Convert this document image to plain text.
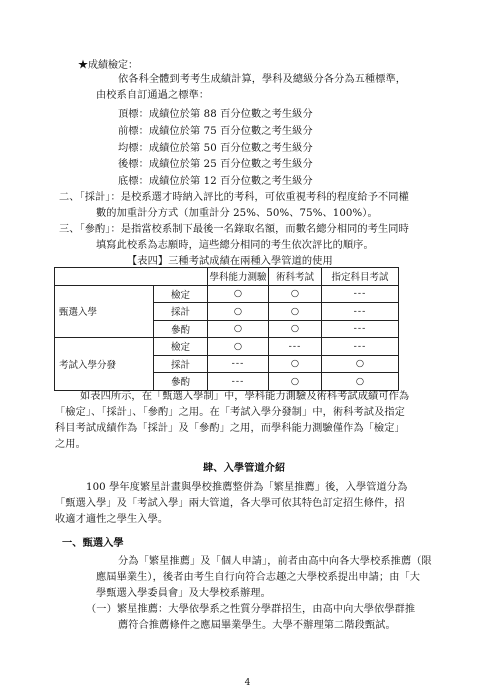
★成績檢定：
依各科全體到考考生成績計算，學科及總級分各分為五種標準，
由校系自訂通過之標準：
頂標：成績位於第 88 百分位數之考生級分
前標：成績位於第 75 百分位數之考生級分
均標：成績位於第 50 百分位數之考生級分
後標：成績位於第 25 百分位數之考生級分
底標：成績位於第 12 百分位數之考生級分
二、「採計」：是校系選才時納入評比的考科，可依重視考科的程度給予不同權
數的加重計分方式（加重計分 25%、50%、75%、100%）。
三、「參酌」：是指當校系制下最後一名錄取名額，而數名總分相同的考生同時
填寫此校系為志願時，這些總分相同的考生依次評比的順序。
【表四】三種考試成績在兩種入學管道的使用
		學科能力測驗	術科考試	指定科目考試
甄選入學	檢定	○	○	---
	採計	○	○	---
	參酌	○	○	---
考試入學分發	檢定	○	---	---
	採計	---	○	○
	參酌	---	○	○
如表四所示，在「甄選入學制」中，學科能力測驗及術科考試成績可作為
「檢定」、「採計」、「參酌」之用。在「考試入學分發制」中，術科考試及指定
科目考試成績作為「採計」及「參酌」之用，而學科能力測驗僅作為「檢定」
之用。
肆、入學管道介紹
100 學年度繁星計畫與學校推薦整併為「繁星推薦」後，入學管道分為
「甄選入學」及「考試入學」兩大管道，各大學可依其特色訂定招生條件，招
收適才適性之學生入學。
一、甄選入學
分為「繁星推薦」及「個人申請」，前者由高中向各大學校系推薦（限
應屆畢業生），後者由考生自行向符合志趣之大學校系提出申請；由「大
學甄選入學委員會」及大學校系辦理。
（一）繁星推薦：大學依學系之性質分學群招生，由高中向大學依學群推
薦符合推薦條件之應屆畢業學生。大學不辦理第二階段甄試。
4
